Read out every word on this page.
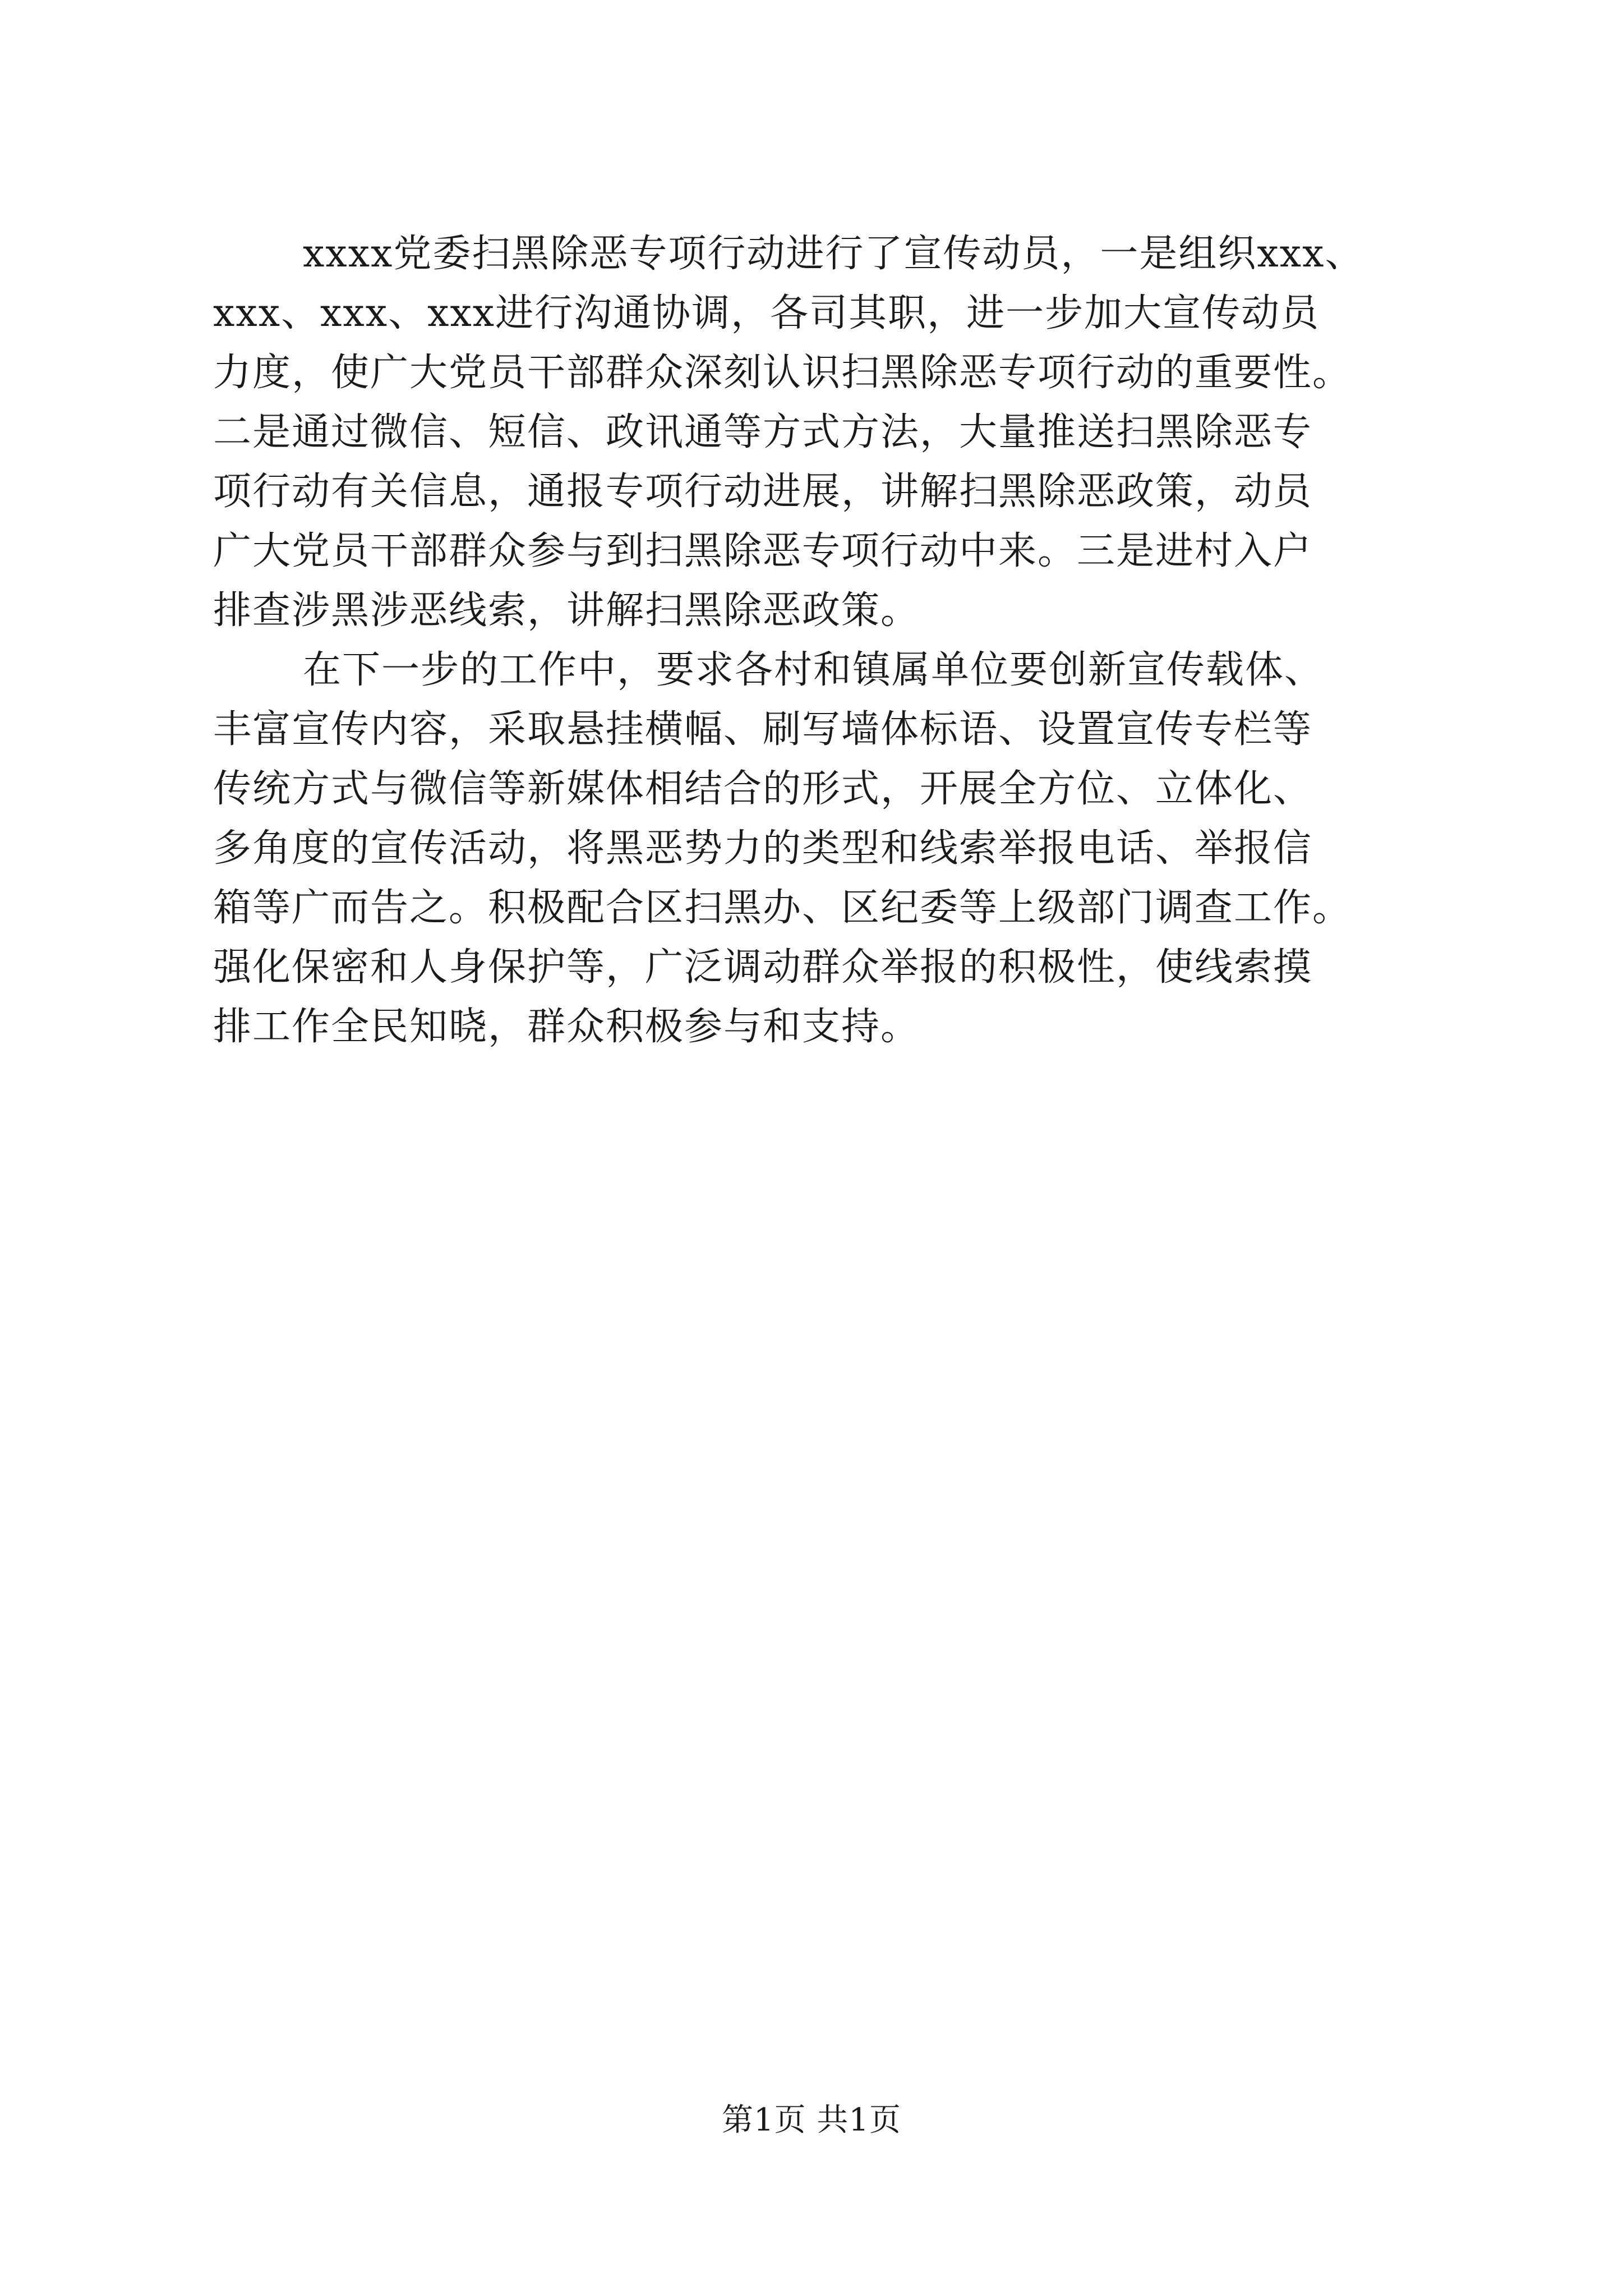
xxxx党委扫黑除恶专项行动进行了宣传动员，一是组织xxx、
xxx、xxx、xxx进行沟通协调，各司其职，进一步加大宣传动员
力度，使广大党员干部群众深刻认识扫黑除恶专项行动的重要性。
二是通过微信、短信、政讯通等方式方法，大量推送扫黑除恶专
项行动有关信息，通报专项行动进展，讲解扫黑除恶政策，动员
广大党员干部群众参与到扫黑除恶专项行动中来。三是进村入户
排查涉黑涉恶线索，讲解扫黑除恶政策。
在下一步的工作中，要求各村和镇属单位要创新宣传载体、
丰富宣传内容，采取悬挂横幅、刷写墙体标语、设置宣传专栏等
传统方式与微信等新媒体相结合的形式，开展全方位、立体化、
多角度的宣传活动，将黑恶势力的类型和线索举报电话、举报信
箱等广而告之。积极配合区扫黑办、区纪委等上级部门调查工作。
强化保密和人身保护等，广泛调动群众举报的积极性，使线索摸
排工作全民知晓，群众积极参与和支持。
第1页 共1页
